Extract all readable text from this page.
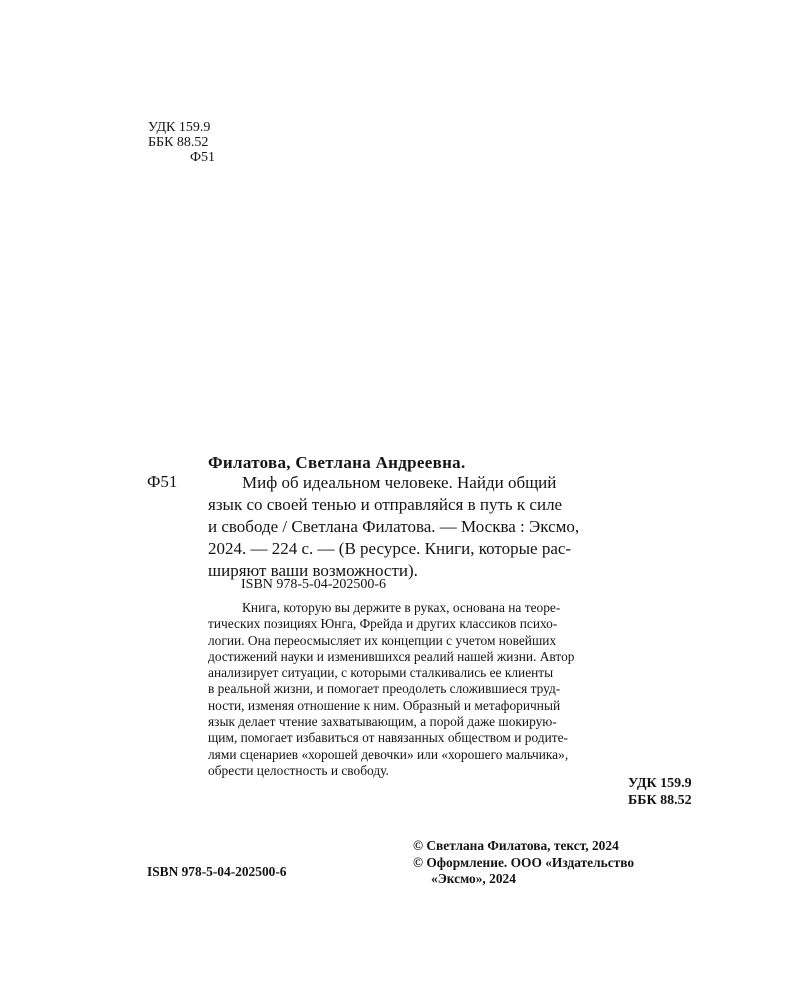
УДК 159.9
ББК 88.52
Ф51
Филатова, Светлана Андреевна.
Ф51	Миф об идеальном человеке. Найди общий
язык со своей тенью и отправляйся в путь к силе
и свободе / Светлана Филатова. — Москва : Эксмо,
2024. — 224 с. — (В ресурсе. Книги, которые рас-
ширяют ваши возможности).
ISBN 978-5-04-202500-6
Книга, которую вы держите в руках, основана на теоре-
тических позициях Юнга, Фрейда и других классиков психо-
логии. Она переосмысляет их концепции с учетом новейших
достижений науки и изменившихся реалий нашей жизни. Автор
анализирует ситуации, с которыми сталкивались ее клиенты
в реальной жизни, и помогает преодолеть сложившиеся труд-
ности, изменяя отношение к ним. Образный и метафоричный
язык делает чтение захватывающим, а порой даже шокирую-
щим, помогает избавиться от навязанных обществом и родите-
лями сценариев «хорошей девочки» или «хорошего мальчика»,
обрести целостность и свободу.
УДК 159.9
ББК 88.52
© Светлана Филатова, текст, 2024
© Оформление. ООО «Издательство
«Эксмо», 2024
ISBN 978-5-04-202500-6
